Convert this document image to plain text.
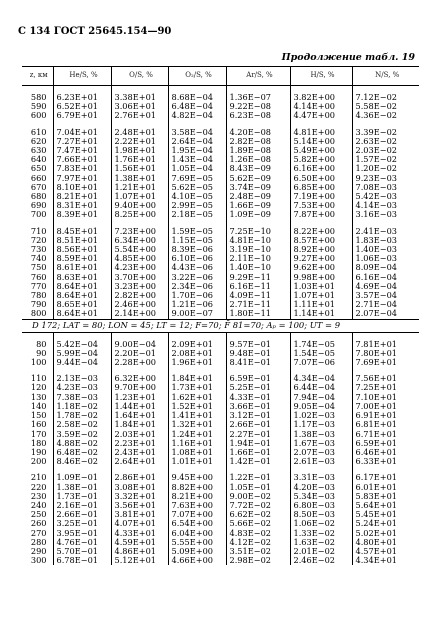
С 134 ГОСТ 25645.154—90
Продолжение табл. 19
z, км	He/S, %	O/S, %	O₂/S, %	Ar/S, %	H/S, %	N/S, %

580	6.23E+01	3.38E+01	8.68E−04	1.36E−07	3.82E+00	7.12E−02
590	6.52E+01	3.06E+01	6.48E−04	9.22E−08	4.14E+00	5.58E−02
600	6.79E+01	2.76E+01	4.82E−04	6.23E−08	4.47E+00	4.36E−02

610	7.04E+01	2.48E+01	3.58E−04	4.20E−08	4.81E+00	3.39E−02
620	7.27E+01	2.22E+01	2.64E−04	2.82E−08	5.14E+00	2.63E−02
630	7.47E+01	1.98E+01	1.95E−04	1.89E−08	5.49E+00	2.03E−02
640	7.66E+01	1.76E+01	1.43E−04	1.26E−08	5.82E+00	1.57E−02
650	7.83E+01	1.56E+01	1.05E−04	8.43E−09	6.16E+00	1.20E−02
660	7.97E+01	1.38E+01	7.69E−05	5.62E−09	6.50E+00	9.23E−03
670	8.10E+01	1.21E+01	5.62E−05	3.74E−09	6.85E+00	7.08E−03
680	8.21E+01	1.07E+01	4.10E−05	2.48E−09	7.19E+00	5.42E−03
690	8.31E+01	9.40E+00	2.99E−05	1.66E−09	7.53E+00	4.14E−03
700	8.39E+01	8.25E+00	2.18E−05	1.09E−09	7.87E+00	3.16E−03

710	8.45E+01	7.23E+00	1.59E−05	7.25E−10	8.22E+00	2.41E−03
720	8.51E+01	6.34E+00	1.15E−05	4.81E−10	8.57E+00	1.83E−03
730	8.56E+01	5.54E+00	8.39E−06	3.19E−10	8.92E+00	1.40E−03
740	8.59E+01	4.85E+00	6.10E−06	2.11E−10	9.27E+00	1.06E−03
750	8.61E+01	4.23E+00	4.43E−06	1.40E−10	9.62E+00	8.09E−04
760	8.63E+01	3.70E+00	3.22E−06	9.29E−11	9.98E+00	6.16E−04
770	8.64E+01	3.23E+00	2.34E−06	6.16E−11	1.03E+01	4.69E−04
780	8.64E+01	2.82E+00	1.70E−06	4.09E−11	1.07E+01	3.57E−04
790	8.65E+01	2.46E+00	1.21E−06	2.71E−11	1.11E+01	2.71E−04
800	8.64E+01	2.14E+00	9.00E−07	1.80E−11	1.14E+01	2.07E−04
D 172; LAT = 80; LON = 45; LT = 12; F=70; F̄ 81=70; Aₚ = 100; UT = 9						

80	5.42E−04	9.00E−04	2.09E+01	9.57E−01	1.74E−05	7.81E+01
90	5.99E−04	2.20E−01	2.08E+01	9.48E−01	1.54E−05	7.80E+01
100	9.44E−04	2.28E+00	1.96E+01	8.41E−01	7.07E−06	7.69E+01

110	2.13E−03	6.32E+00	1.84E+01	6.59E−01	4.34E−04	7.56E+01
120	4.23E−03	9.70E+00	1.73E+01	5.25E−01	6.44E−04	7.25E+01
130	7.38E−03	1.23E+01	1.62E+01	4.33E−01	7.94E−04	7.10E+01
140	1.18E−02	1.44E+01	1.52E+01	3.66E−01	9.05E−04	7.00E+01
150	1.78E−02	1.64E+01	1.41E+01	3.12E−01	1.02E−03	6.91E+01
160	2.58E−02	1.84E+01	1.32E+01	2.66E−01	1.17E−03	6.81E+01
170	3.59E−02	2.03E+01	1.24E+01	2.27E−01	1.38E−03	6.71E+01
180	4.88E−02	2.23E+01	1.16E+01	1.94E−01	1.67E−03	6.59E+01
190	6.48E−02	2.43E+01	1.08E+01	1.66E−01	2.07E−03	6.46E+01
200	8.46E−02	2.64E+01	1.01E+01	1.42E−01	2.61E−03	6.33E+01

210	1.09E−01	2.86E+01	9.45E+00	1.22E−01	3.31E−03	6.17E+01
220	1.38E−01	3.08E+01	8.82E+00	1.05E−01	4.20E−03	6.01E+01
230	1.73E−01	3.32E+01	8.21E+00	9.00E−02	5.34E−03	5.83E+01
240	2.16E−01	3.56E+01	7.63E+00	7.72E−02	6.80E−03	5.64E+01
250	2.66E−01	3.81E+01	7.07E+00	6.62E−02	8.50E−03	5.45E+01
260	3.25E−01	4.07E+01	6.54E+00	5.66E−02	1.06E−02	5.24E+01
270	3.95E−01	4.33E+01	6.04E+00	4.83E−02	1.33E−02	5.02E+01
280	4.76E−01	4.59E+01	5.55E+00	4.12E−02	1.63E−02	4.80E+01
290	5.70E−01	4.86E+01	5.09E+00	3.51E−02	2.01E−02	4.57E+01
300	6.78E−01	5.12E+01	4.66E+00	2.98E−02	2.46E−02	4.34E+01
